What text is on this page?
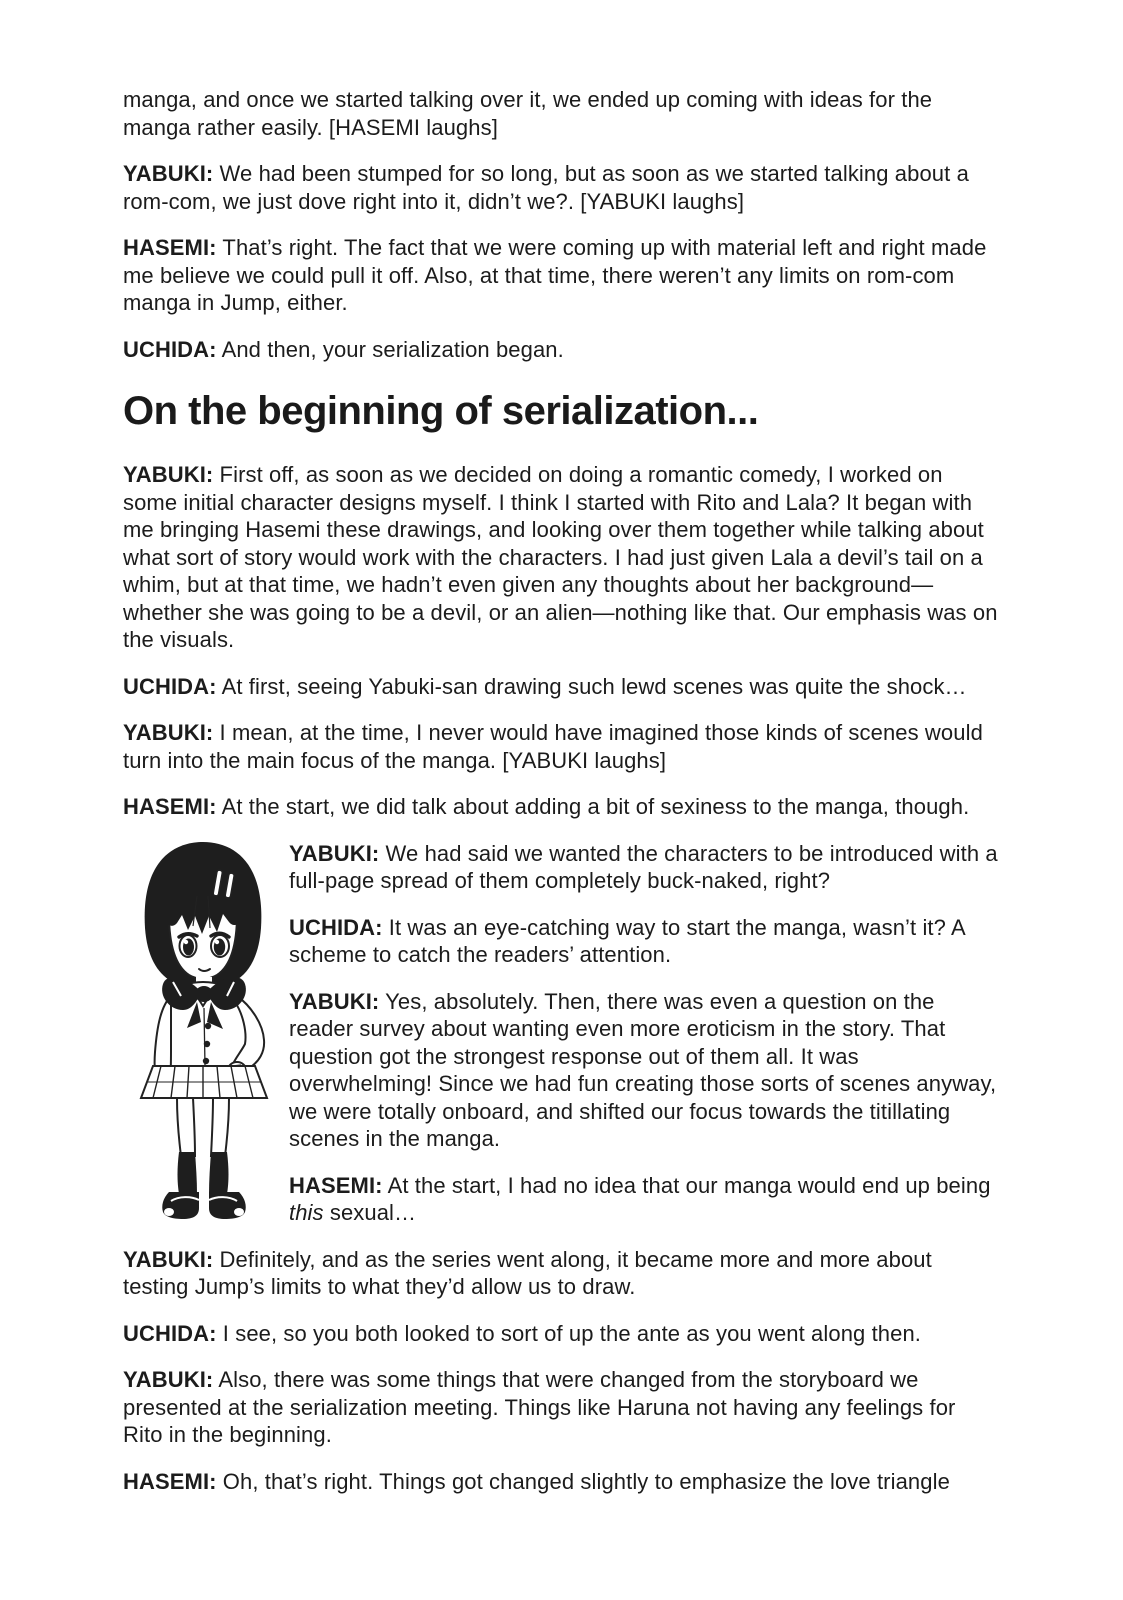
manga, and once we started talking over it, we ended up coming with ideas for the manga rather easily. [HASEMI laughs]

YABUKI: We had been stumped for so long, but as soon as we started talking about a rom-com, we just dove right into it, didn’t we?. [YABUKI laughs]

HASEMI: That’s right. The fact that we were coming up with material left and right made me believe we could pull it off. Also, at that time, there weren’t any limits on rom-com manga in Jump, either.

UCHIDA: And then, your serialization began.

On the beginning of serialization...

YABUKI: First off, as soon as we decided on doing a romantic comedy, I worked on some initial character designs myself. I think I started with Rito and Lala? It began with me bringing Hasemi these drawings, and looking over them together while talking about what sort of story would work with the characters. I had just given Lala a devil’s tail on a whim, but at that time, we hadn’t even given any thoughts about her background—whether she was going to be a devil, or an alien—nothing like that. Our emphasis was on the visuals.

UCHIDA: At first, seeing Yabuki-san drawing such lewd scenes was quite the shock…

YABUKI: I mean, at the time, I never would have imagined those kinds of scenes would turn into the main focus of the manga. [YABUKI laughs]

HASEMI: At the start, we did talk about adding a bit of sexiness to the manga, though.

YABUKI: We had said we wanted the characters to be introduced with a full-page spread of them completely buck-naked, right?

UCHIDA: It was an eye-catching way to start the manga, wasn’t it? A scheme to catch the readers’ attention.

YABUKI: Yes, absolutely. Then, there was even a question on the reader survey about wanting even more eroticism in the story. That question got the strongest response out of them all. It was overwhelming! Since we had fun creating those sorts of scenes anyway, we were totally onboard, and shifted our focus towards the titillating scenes in the manga.

HASEMI: At the start, I had no idea that our manga would end up being this sexual…

YABUKI: Definitely, and as the series went along, it became more and more about testing Jump’s limits to what they’d allow us to draw.

UCHIDA: I see, so you both looked to sort of up the ante as you went along then.

YABUKI: Also, there was some things that were changed from the storyboard we presented at the serialization meeting. Things like Haruna not having any feelings for Rito in the beginning.

HASEMI: Oh, that’s right. Things got changed slightly to emphasize the love triangle
